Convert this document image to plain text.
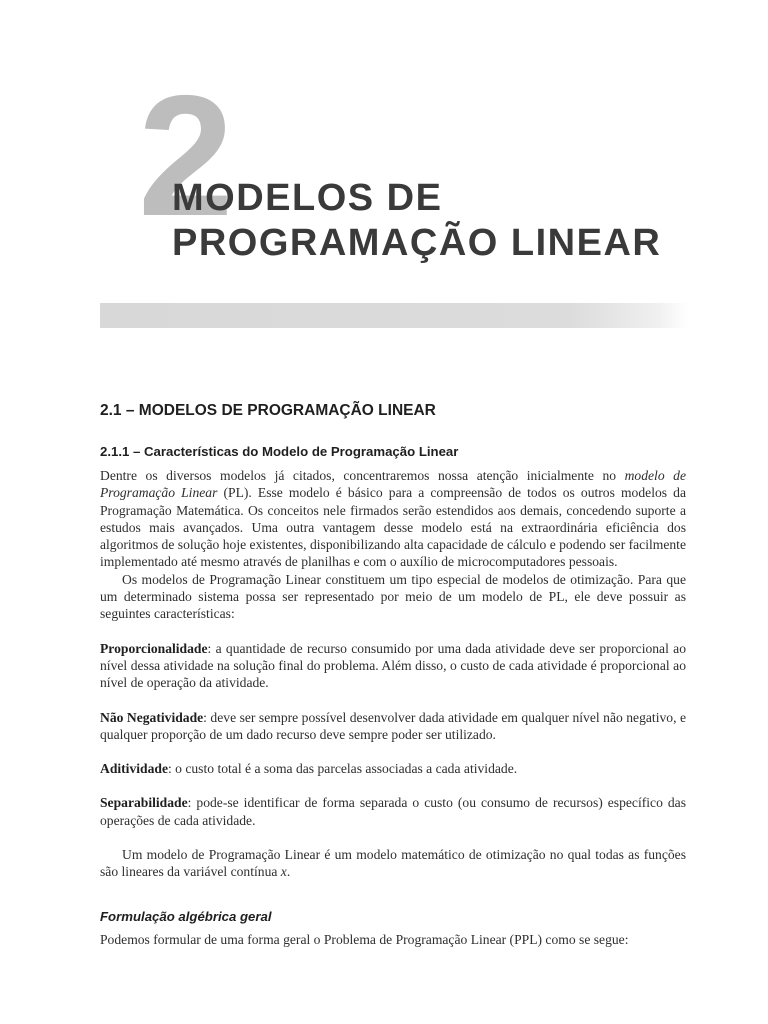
2
MODELOS DE
PROGRAMAÇÃO LINEAR
2.1 – MODELOS DE PROGRAMAÇÃO LINEAR
2.1.1 – Características do Modelo de Programação Linear

Dentre os diversos modelos já citados, concentraremos nossa atenção inicialmente no modelo de Programação Linear (PL). Esse modelo é básico para a compreensão de todos os outros modelos da Programação Matemática. Os conceitos nele firmados serão estendidos aos demais, concedendo suporte a estudos mais avançados. Uma outra vantagem desse modelo está na extraordinária eficiência dos algoritmos de solução hoje existentes, disponibilizando alta capacidade de cálculo e podendo ser facilmente implementado até mesmo através de planilhas e com o auxílio de microcomputadores pessoais.

Os modelos de Programação Linear constituem um tipo especial de modelos de otimização. Para que um determinado sistema possa ser representado por meio de um modelo de PL, ele deve possuir as seguintes características:

Proporcionalidade: a quantidade de recurso consumido por uma dada atividade deve ser proporcional ao nível dessa atividade na solução final do problema. Além disso, o custo de cada atividade é proporcional ao nível de operação da atividade.

Não Negatividade: deve ser sempre possível desenvolver dada atividade em qualquer nível não negativo, e qualquer proporção de um dado recurso deve sempre poder ser utilizado.

Aditividade: o custo total é a soma das parcelas associadas a cada atividade.

Separabilidade: pode-se identificar de forma separada o custo (ou consumo de recursos) específico das operações de cada atividade.

Um modelo de Programação Linear é um modelo matemático de otimização no qual todas as funções são lineares da variável contínua x.

Formulação algébrica geral

Podemos formular de uma forma geral o Problema de Programação Linear (PPL) como se segue:
